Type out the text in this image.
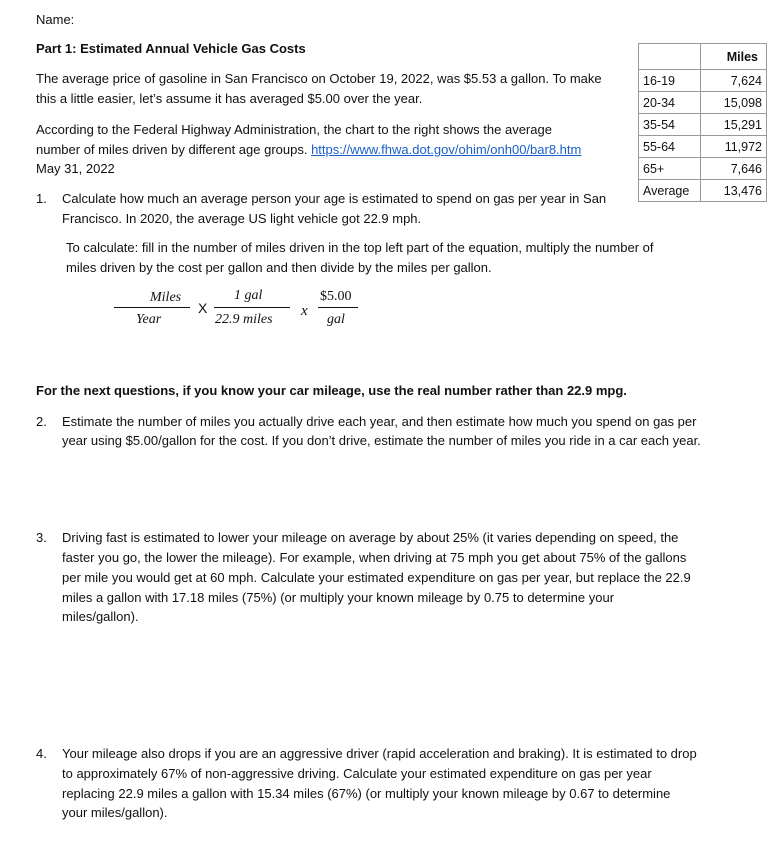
Name:
Part 1: Estimated Annual Vehicle Gas Costs
The average price of gasoline in San Francisco on October 19, 2022, was $5.53 a gallon. To make
this a little easier, let’s assume it has averaged $5.00 over the year.
According to the Federal Highway Administration, the chart to the right shows the average
number of miles driven by different age groups. https://www.fhwa.dot.gov/ohim/onh00/bar8.htm
May 31, 2022
	Miles
16-19	7,624
20-34	15,098
35-54	15,291
55-64	11,972
65+	7,646
Average	13,476
1. Calculate how much an average person your age is estimated to spend on gas per year in San
Francisco. In 2020, the average US light vehicle got 22.9 mph.
To calculate: fill in the number of miles driven in the top left part of the equation, multiply the number of
miles driven by the cost per gallon and then divide by the miles per gallon.
Miles
Year
X
1 gal
22.9 miles
x
$5.00
gal
For the next questions, if you know your car mileage, use the real number rather than 22.9 mpg.
2. Estimate the number of miles you actually drive each year, and then estimate how much you spend on gas per
year using $5.00/gallon for the cost. If you don’t drive, estimate the number of miles you ride in a car each year.
3. Driving fast is estimated to lower your mileage on average by about 25% (it varies depending on speed, the
faster you go, the lower the mileage). For example, when driving at 75 mph you get about 75% of the gallons
per mile you would get at 60 mph. Calculate your estimated expenditure on gas per year, but replace the 22.9
miles a gallon with 17.18 miles (75%) (or multiply your known mileage by 0.75 to determine your
miles/gallon).
4. Your mileage also drops if you are an aggressive driver (rapid acceleration and braking). It is estimated to drop
to approximately 67% of non-aggressive driving. Calculate your estimated expenditure on gas per year
replacing 22.9 miles a gallon with 15.34 miles (67%) (or multiply your known mileage by 0.67 to determine
your miles/gallon).
